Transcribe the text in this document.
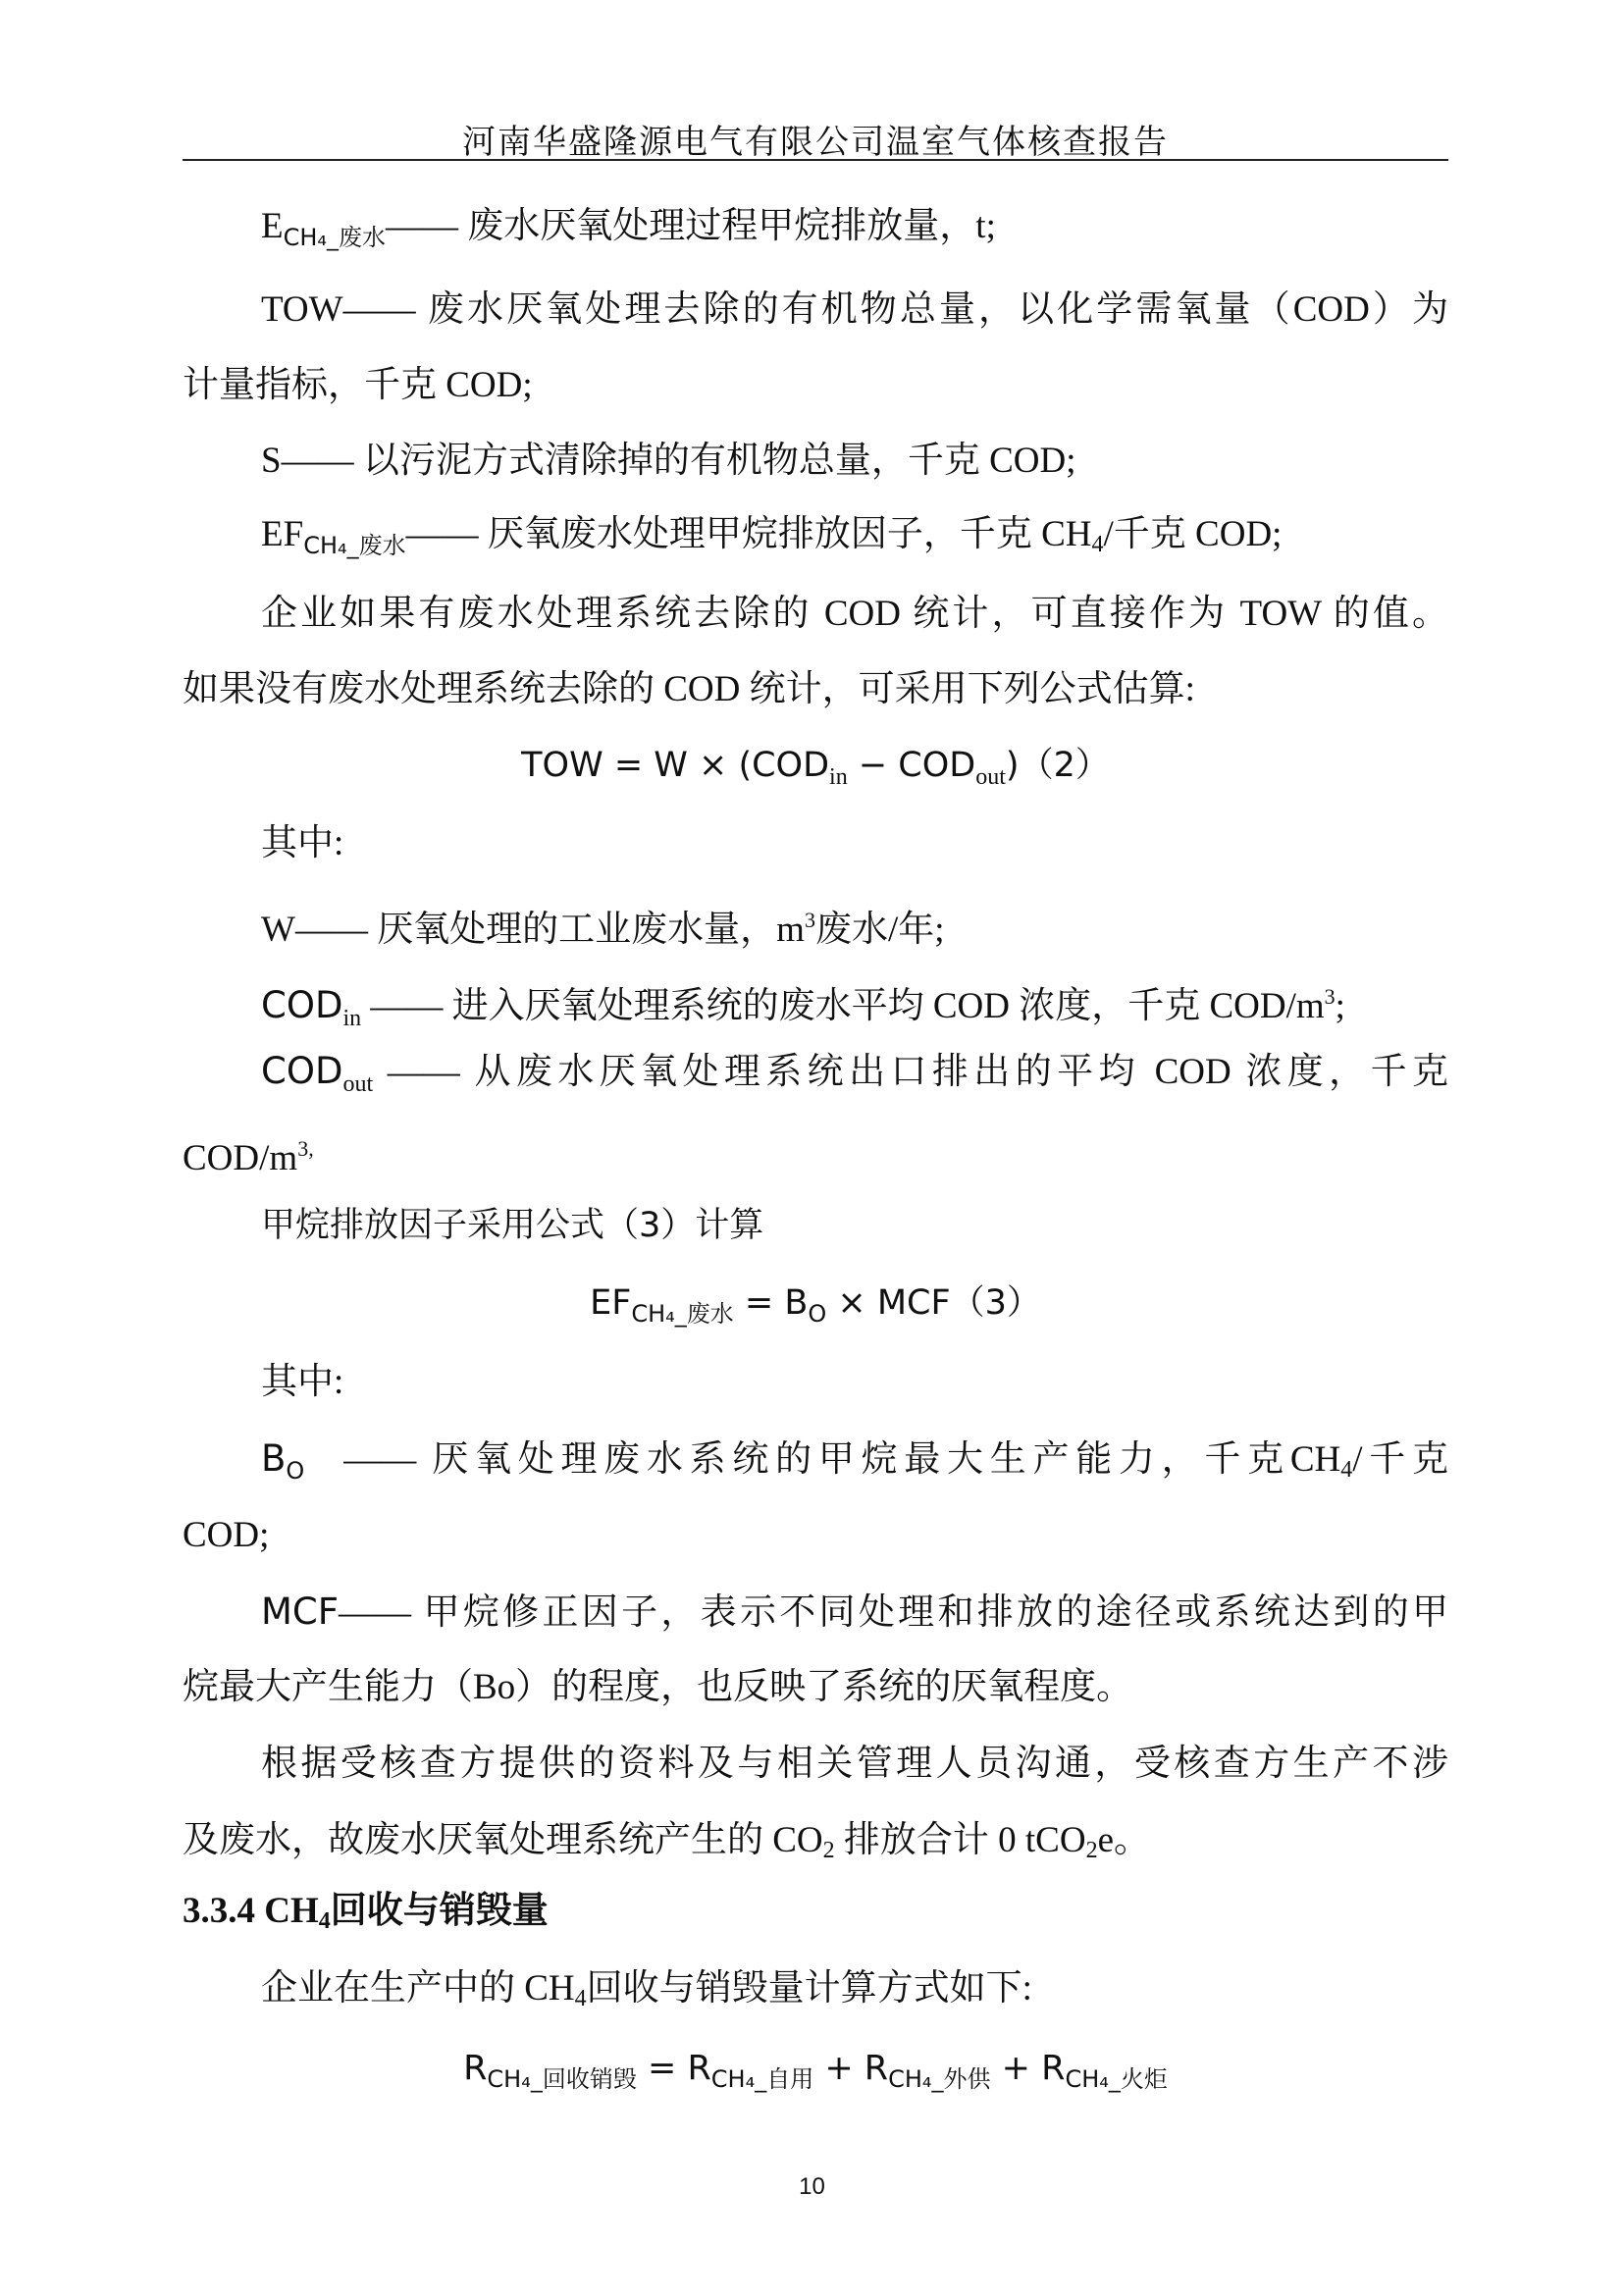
河南华盛隆源电气有限公司温室气体核查报告
$E_{CH_4\_废水}——$ 废水厌氧处理过程甲烷排放量，t;
TOW—— 废水厌氧处理去除的有机物总量，以化学需氧量（COD）为
计量指标，千克 COD;
S—— 以污泥方式清除掉的有机物总量，千克 COD;
$EF_{CH_4\_废水}——$ 厌氧废水处理甲烷排放因子，千克 CH4/千克 COD;
企业如果有废水处理系统去除的 COD 统计，可直接作为 TOW 的值。
如果没有废水处理系统去除的 COD 统计，可采用下列公式估算:
TOW = $W \times (COD_{in} - COD_{out})(2)$
其中:
W—— 厌氧处理的工业废水量，$m^3$废水/年;
$COD_{in}$ —— 进入厌氧处理系统的废水平均 COD 浓度，千克 COD/$m^3$;
$COD_{out}$ —— 从废水厌氧处理系统出口排出的平均 COD 浓度，千克
COD/$m^{3,}$
甲烷排放因子采用公式（3）计算
$EF_{CH_4\_废水} = B_O \times MCF(3)$
其中:
$B_O$ —— 厌氧处理废水系统的甲烷最大生产能力，千克CH4/千克
COD;
MCF—— 甲烷修正因子，表示不同处理和排放的途径或系统达到的甲
烷最大产生能力（Bo）的程度，也反映了系统的厌氧程度。
根据受核查方提供的资料及与相关管理人员沟通，受核查方生产不涉
及废水，故废水厌氧处理系统产生的 CO2 排放合计 0 tCO2e。
3.3.4 CH4回收与销毁量
企业在生产中的 CH4回收与销毁量计算方式如下:
$R_{CH_4\_回收销毁} = R_{CH_4\_自用} + R_{CH_4\_外供} + R_{CH_4\_火炬}$
10
